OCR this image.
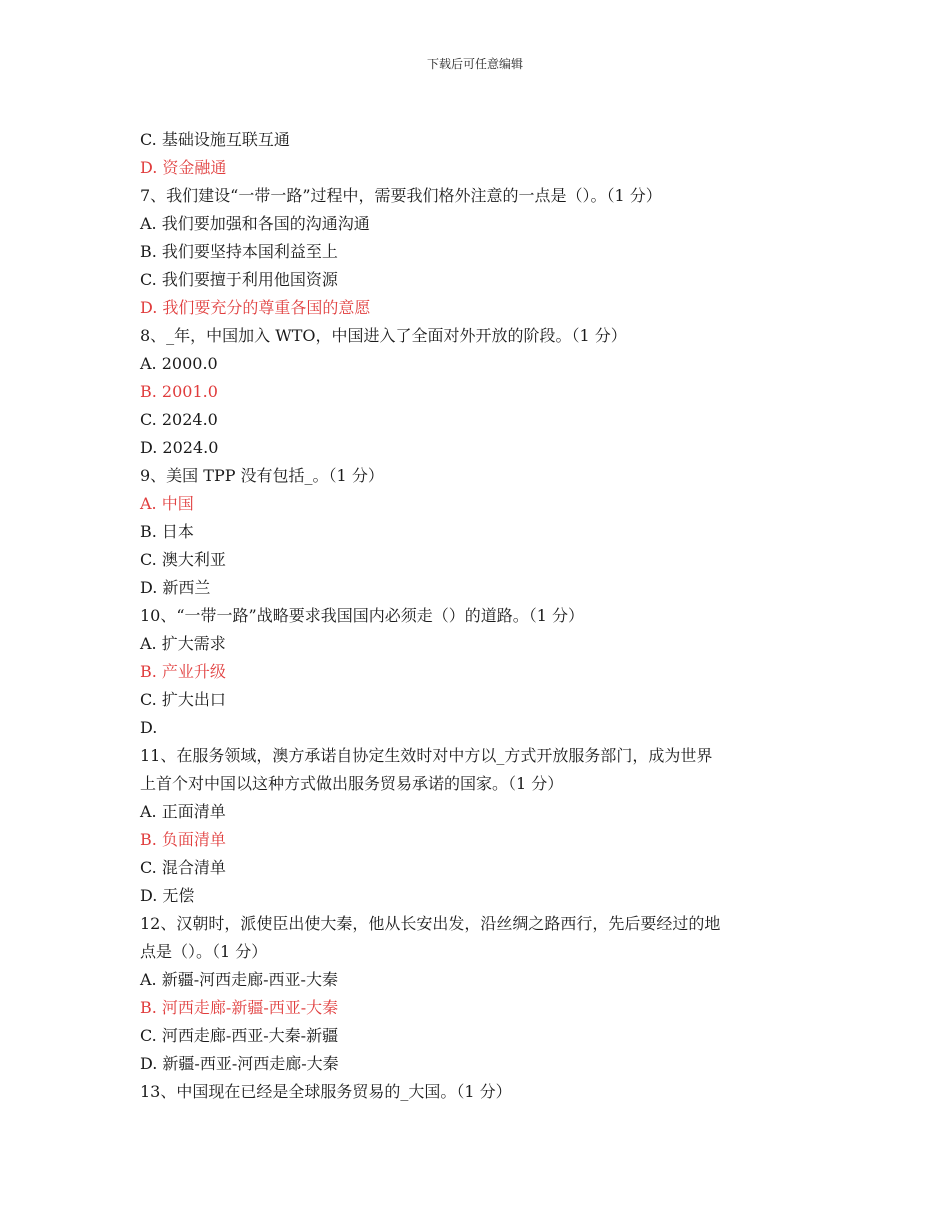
下载后可任意编辑
C. 基础设施互联互通
D. 资金融通
7、我们建设“一带一路”过程中，需要我们格外注意的一点是（）。（1 分）
A. 我们要加强和各国的沟通沟通
B. 我们要坚持本国利益至上
C. 我们要擅于利用他国资源
D. 我们要充分的尊重各国的意愿
8、_年，中国加入 WTO，中国进入了全面对外开放的阶段。（1 分）
A. 2000.0
B. 2001.0
C. 2024.0
D. 2024.0
9、美国 TPP 没有包括_。（1 分）
A. 中国
B. 日本
C. 澳大利亚
D. 新西兰
10、“一带一路”战略要求我国国内必须走（）的道路。（1 分）
A. 扩大需求
B. 产业升级
C. 扩大出口
D.
11、在服务领域，澳方承诺自协定生效时对中方以_方式开放服务部门，成为世界
上首个对中国以这种方式做出服务贸易承诺的国家。（1 分）
A. 正面清单
B. 负面清单
C. 混合清单
D. 无偿
12、汉朝时，派使臣出使大秦，他从长安出发，沿丝绸之路西行，先后要经过的地
点是（）。（1 分）
A. 新疆-河西走廊-西亚-大秦
B. 河西走廊-新疆-西亚-大秦
C. 河西走廊-西亚-大秦-新疆
D. 新疆-西亚-河西走廊-大秦
13、中国现在已经是全球服务贸易的_大国。（1 分）
